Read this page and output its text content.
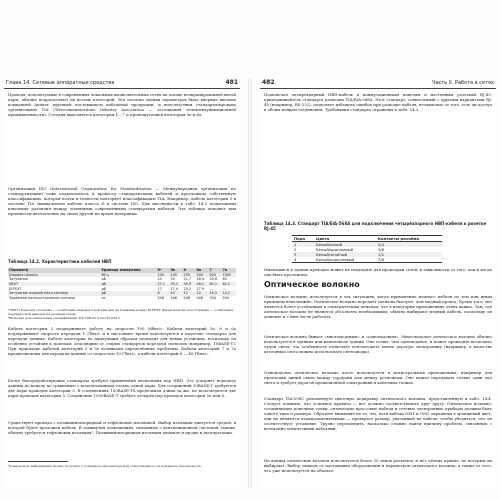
Глава 14. Сетевые аппаратные средства	481

Провода, используемые в современных локальных вычислительных сетях на основе неэкранированной витой пары, обычно подразделяют на восемь категорий. Эта система оценки параметров была впервые введена компанией Anixter, крупным поставщиком кабельной продукции, и впоследствии стандартизирована организацией TIA (Telecommunications Industry Association — ассоциация телекоммуникационной промышленности). Сегодня выделяются категории 1 – 7 и промежуточная категория 5e и 6a.

Организация ISO (International Organization for Standardization — Международная организация по стандартизации) тоже подключилась к процессу стандартизации кабелей и предложила собственную классификацию, которая почти в точности повторяет классификацию TIA. Например, кабель категории 5 в системе TIA эквивалентен кабелю класса D в системе ISO. Для наглядности в табл. 14.2 подытожены ключевые различия между основными современными стандартами кабелей. Эта таблица поможет вам произвести впечатление на своих друзей на время вечеринки.

Таблица 14.2. Характеристики кабелей НВП
Параметр	Единица измерения	5ᵃ	5e	6	6a	7	7a
Ширина полосы	МГц	100	100	250	500	600	1000
Затухание	дБ	24	24	21,7	18,4	20,8	60
NEXT	дБ	27,1	30,1	39,9	48,1	62,1	62,1
ELFEXT	дБ	17	17,4	23,2	27,9	—	—
Затухание отражённого сигнала	дБ	8	10	12	12	14,1	14,1
Задержка распространения сигнала	нс	548	548	548	548	504	504

ᵃNEXT (Near-end crosstalk) — ослабление перекрёстной наводки на ближнем конце; ELFEXT (Equal level far-end crosstalk) — ослабление перекрёстной наводки на дальнем конце.

ᵇВключая дополнительные спецификации TIA TSB 95 и ISO FDAM 2.

Кабель категории 5 поддерживает работу на скорости 100 Мбит/с. Кабели категорий 5e, 6 и 6a поддерживают скорость передачи 1 Гбит/с и в настоящее время используются в качестве стандарта для передачи данных. Кабель категории 6a наилучшим образом подходит для новых установок, поскольку он особенно устойчив к помехам, исходящим от старых стандартов передачи сигналов (например, 10BASE-T). При прокладке кабелей категорий 5 и 5e возникали определённые проблемы. Кабели категорий 7 и 7a предназначены для передачи данных со скоростью 10 Гбит/с, а кабели категорий 8 — 40 Гбит/с.

Более быстродействующие стандарты требуют применения нескольких пар НВП. Это ускоряет передачу данных по каналу по сравнению с использованием только одной пары. Для соединений 10BASE-T требуются две пары проводов категории 5. В соединениях 100BASE-TX предельная длина та же, но используются две пары проводов категории 5. Соединение 1000BASE-T требует четырёх пар проводов категории 5e или 6.

Существуют провода с поливинилхлоридной и тефлоновой изоляцией. Выбор изоляции диктуется средой, в которой будет проложен кабель. В замкнутых помещениях, связанных с вентиляционной системой здания, обычно требуется тефлоновая изоляция¹. Поливинилхлоридная изоляция дешевле и проще в эксплуатации.

¹Конкретную информацию можно получить у пожарного инспектора или ответственного за пожарную безопасность.

482	Часть II. Работа в сетях

Подключая четырёхпарный НВП-кабель к коммутационным панелям и настенным розеткам RJ-45, придерживайтесь стандарта разводки TIA/EIA-568A. Этот стандарт, совместимый с другими вариантами RJ-45 (например, RS-232), позволяет избежать ошибок при разводке кабеля, независимо от того, есть ли доступ к обоим концам соединения. Требования стандарта отражены в табл. 14.3.

Таблица 14.3. Стандарт TIA/EIA-568A для подключения четырёхпарного НВП-кабеля к розетке RJ-45
Пара	Цвета	Контакты разъёма
1	Белый/синий	5/4
2	Белый/оранжевый	3/6
3	Белый/зелёный	1/2
4	Белый/коричневый	7/8

Имеющаяся в здании проводка может не подходить для прокладки сетей, в зависимости от того, как и когда она была проложена.

Оптическое волокно

Оптическое волокно используется в тех ситуациях, когда применение медного кабеля по тем или иным причинам невозможно. Оптическое волокно передаёт сигналы быстрее, чем медный провод. Кроме того, оно является более устойчивым к электрическим помехам, что в некоторых приложениях очень важно. Там, где оптическое волокно не является абсолютно необходимым, обычно выбирают медный кабель, поскольку он дешевле и с ним легче работать.

Оптическое волокно бывает «многомодовым» и «одномодовым». Многомодовое оптическое волокно обычно используется в зданиях или комплексах зданий. Оно толще, чем одномодовое, и может проводить несколько лучей света; эта особенность позволяет использовать менее дорогую электронику (например, в качестве источника света можно использовать светодиоды).

Одномодовое оптическое волокно часто используется в магистральных приложениях, например для прокладки линий связи между городами или между регионами. Оно может передавать только один луч света и требует дорогой прецизионной электроники в конечных точках.

Стандарт TIA-598C рекомендует цветовую кодировку оптического волокна, представленную в табл. 14.4. Следует помнить, что основное правило — все должно соответствовать друг другу. Оптическое волокно, соединяющее конечные точки, оптические кроссовые кабели и сетевые электронные приборы должны быть одного типа и размера. Обратите внимание на то, что, хотя кабели OM1 и OM2 окрашены в оранжевый цвет, они не являются взаимозаменяемыми — проверьте размер, указанный на кабеле, чтобы убедиться, что он соответствует установке. Трудно переоценить, насколько сложно найти причину проблем, связанных с волоконно-оптическими кабелями.

На концах оптических волокон используется более 30 типов разъёмов, и нет чётких правил, по которым их выбирают. Выбор зависит от поставщика оборудования и параметров оптического волокна, а также от того, что уже используется на объекте.
